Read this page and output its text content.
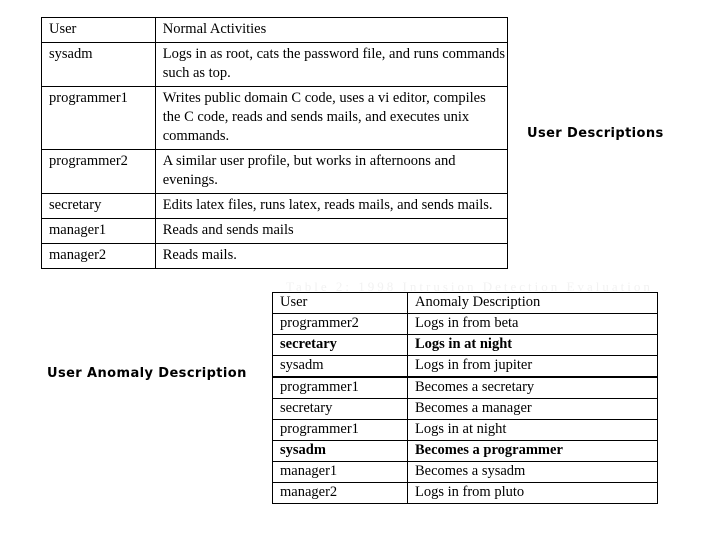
Table 2: 1998 Intrusion Detection Evaluation
User	Normal Activities
sysadm	Logs in as root, cats the password file, and runs commands such as top.
programmer1	Writes public domain C code, uses a vi editor, compiles the C code, reads and sends mails, and executes unix commands.
programmer2	A similar user profile, but works in afternoons and evenings.
secretary	Edits latex files, runs latex, reads mails, and sends mails.
manager1	Reads and sends mails
manager2	Reads mails.
User Descriptions
User	Anomaly Description
programmer2	Logs in from beta
secretary	Logs in at night
sysadm	Logs in from jupiter
programmer1	Becomes a secretary
secretary	Becomes a manager
programmer1	Logs in at night
sysadm	Becomes a programmer
manager1	Becomes a sysadm
manager2	Logs in from pluto
User Anomaly Description
